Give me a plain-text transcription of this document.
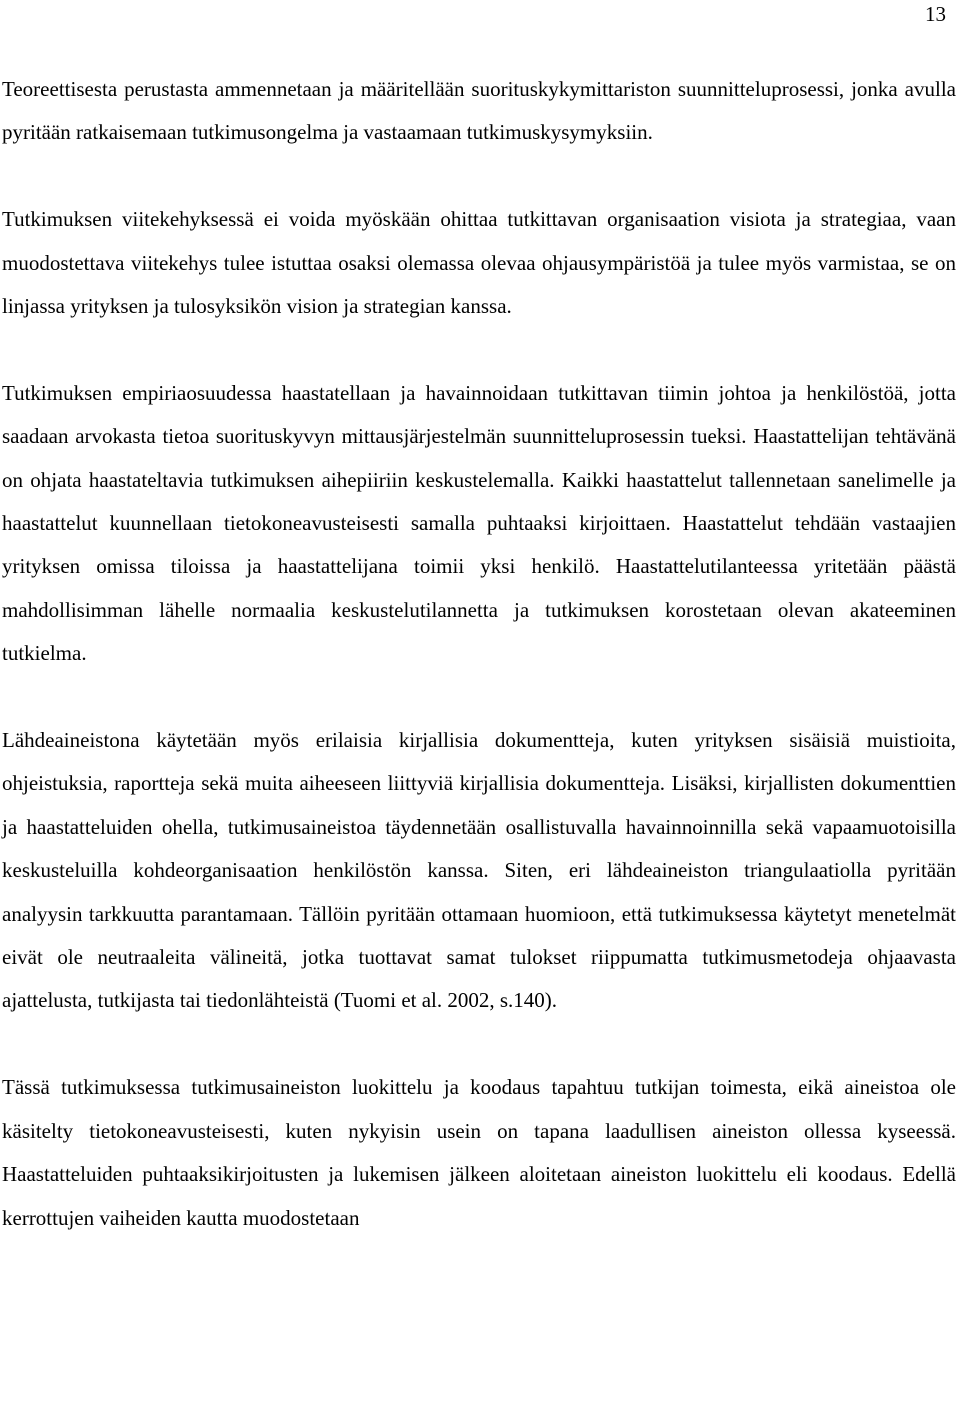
13

Teoreettisesta perustasta ammennetaan ja määritellään suorituskykymittariston suunnitteluprosessi, jonka avulla pyritään ratkaisemaan tutkimusongelma ja vastaamaan tutkimuskysymyksiin.

Tutkimuksen viitekehyksessä ei voida myöskään ohittaa tutkittavan organisaation visiota ja strategiaa, vaan muodostettava viitekehys tulee istuttaa osaksi olemassa olevaa ohjausympäristöä ja tulee myös varmistaa, se on linjassa yrityksen ja tulosyksikön vision ja strategian kanssa.

Tutkimuksen empiriaosuudessa haastatellaan ja havainnoidaan tutkittavan tiimin johtoa ja henkilöstöä, jotta saadaan arvokasta tietoa suorituskyvyn mittausjärjestelmän suunnitteluprosessin tueksi. Haastattelijan tehtävänä on ohjata haastateltavia tutkimuksen aihepiiriin keskustelemalla. Kaikki haastattelut tallennetaan sanelimelle ja haastattelut kuunnellaan tietokoneavusteisesti samalla puhtaaksi kirjoittaen. Haastattelut tehdään vastaajien yrityksen omissa tiloissa ja haastattelijana toimii yksi henkilö. Haastattelutilanteessa yritetään päästä mahdollisimman lähelle normaalia keskustelutilannetta ja tutkimuksen korostetaan olevan akateeminen tutkielma.

Lähdeaineistona käytetään myös erilaisia kirjallisia dokumentteja, kuten yrityksen sisäisiä muistioita, ohjeistuksia, raportteja sekä muita aiheeseen liittyviä kirjallisia dokumentteja. Lisäksi, kirjallisten dokumenttien ja haastatteluiden ohella, tutkimusaineistoa täydennetään osallistuvalla havainnoinnilla sekä vapaamuotoisilla keskusteluilla kohdeorganisaation henkilöstön kanssa. Siten, eri lähdeaineiston triangulaatiolla pyritään analyysin tarkkuutta parantamaan. Tällöin pyritään ottamaan huomioon, että tutkimuksessa käytetyt menetelmät eivät ole neutraaleita välineitä, jotka tuottavat samat tulokset riippumatta tutkimusmetodeja ohjaavasta ajattelusta, tutkijasta tai tiedonlähteistä (Tuomi et al. 2002, s.140).

Tässä tutkimuksessa tutkimusaineiston luokittelu ja koodaus tapahtuu tutkijan toimesta, eikä aineistoa ole käsitelty tietokoneavusteisesti, kuten nykyisin usein on tapana laadullisen aineiston ollessa kyseessä. Haastatteluiden puhtaaksikirjoitusten ja lukemisen jälkeen aloitetaan aineiston luokittelu eli koodaus. Edellä kerrottujen vaiheiden kautta muodostetaan
